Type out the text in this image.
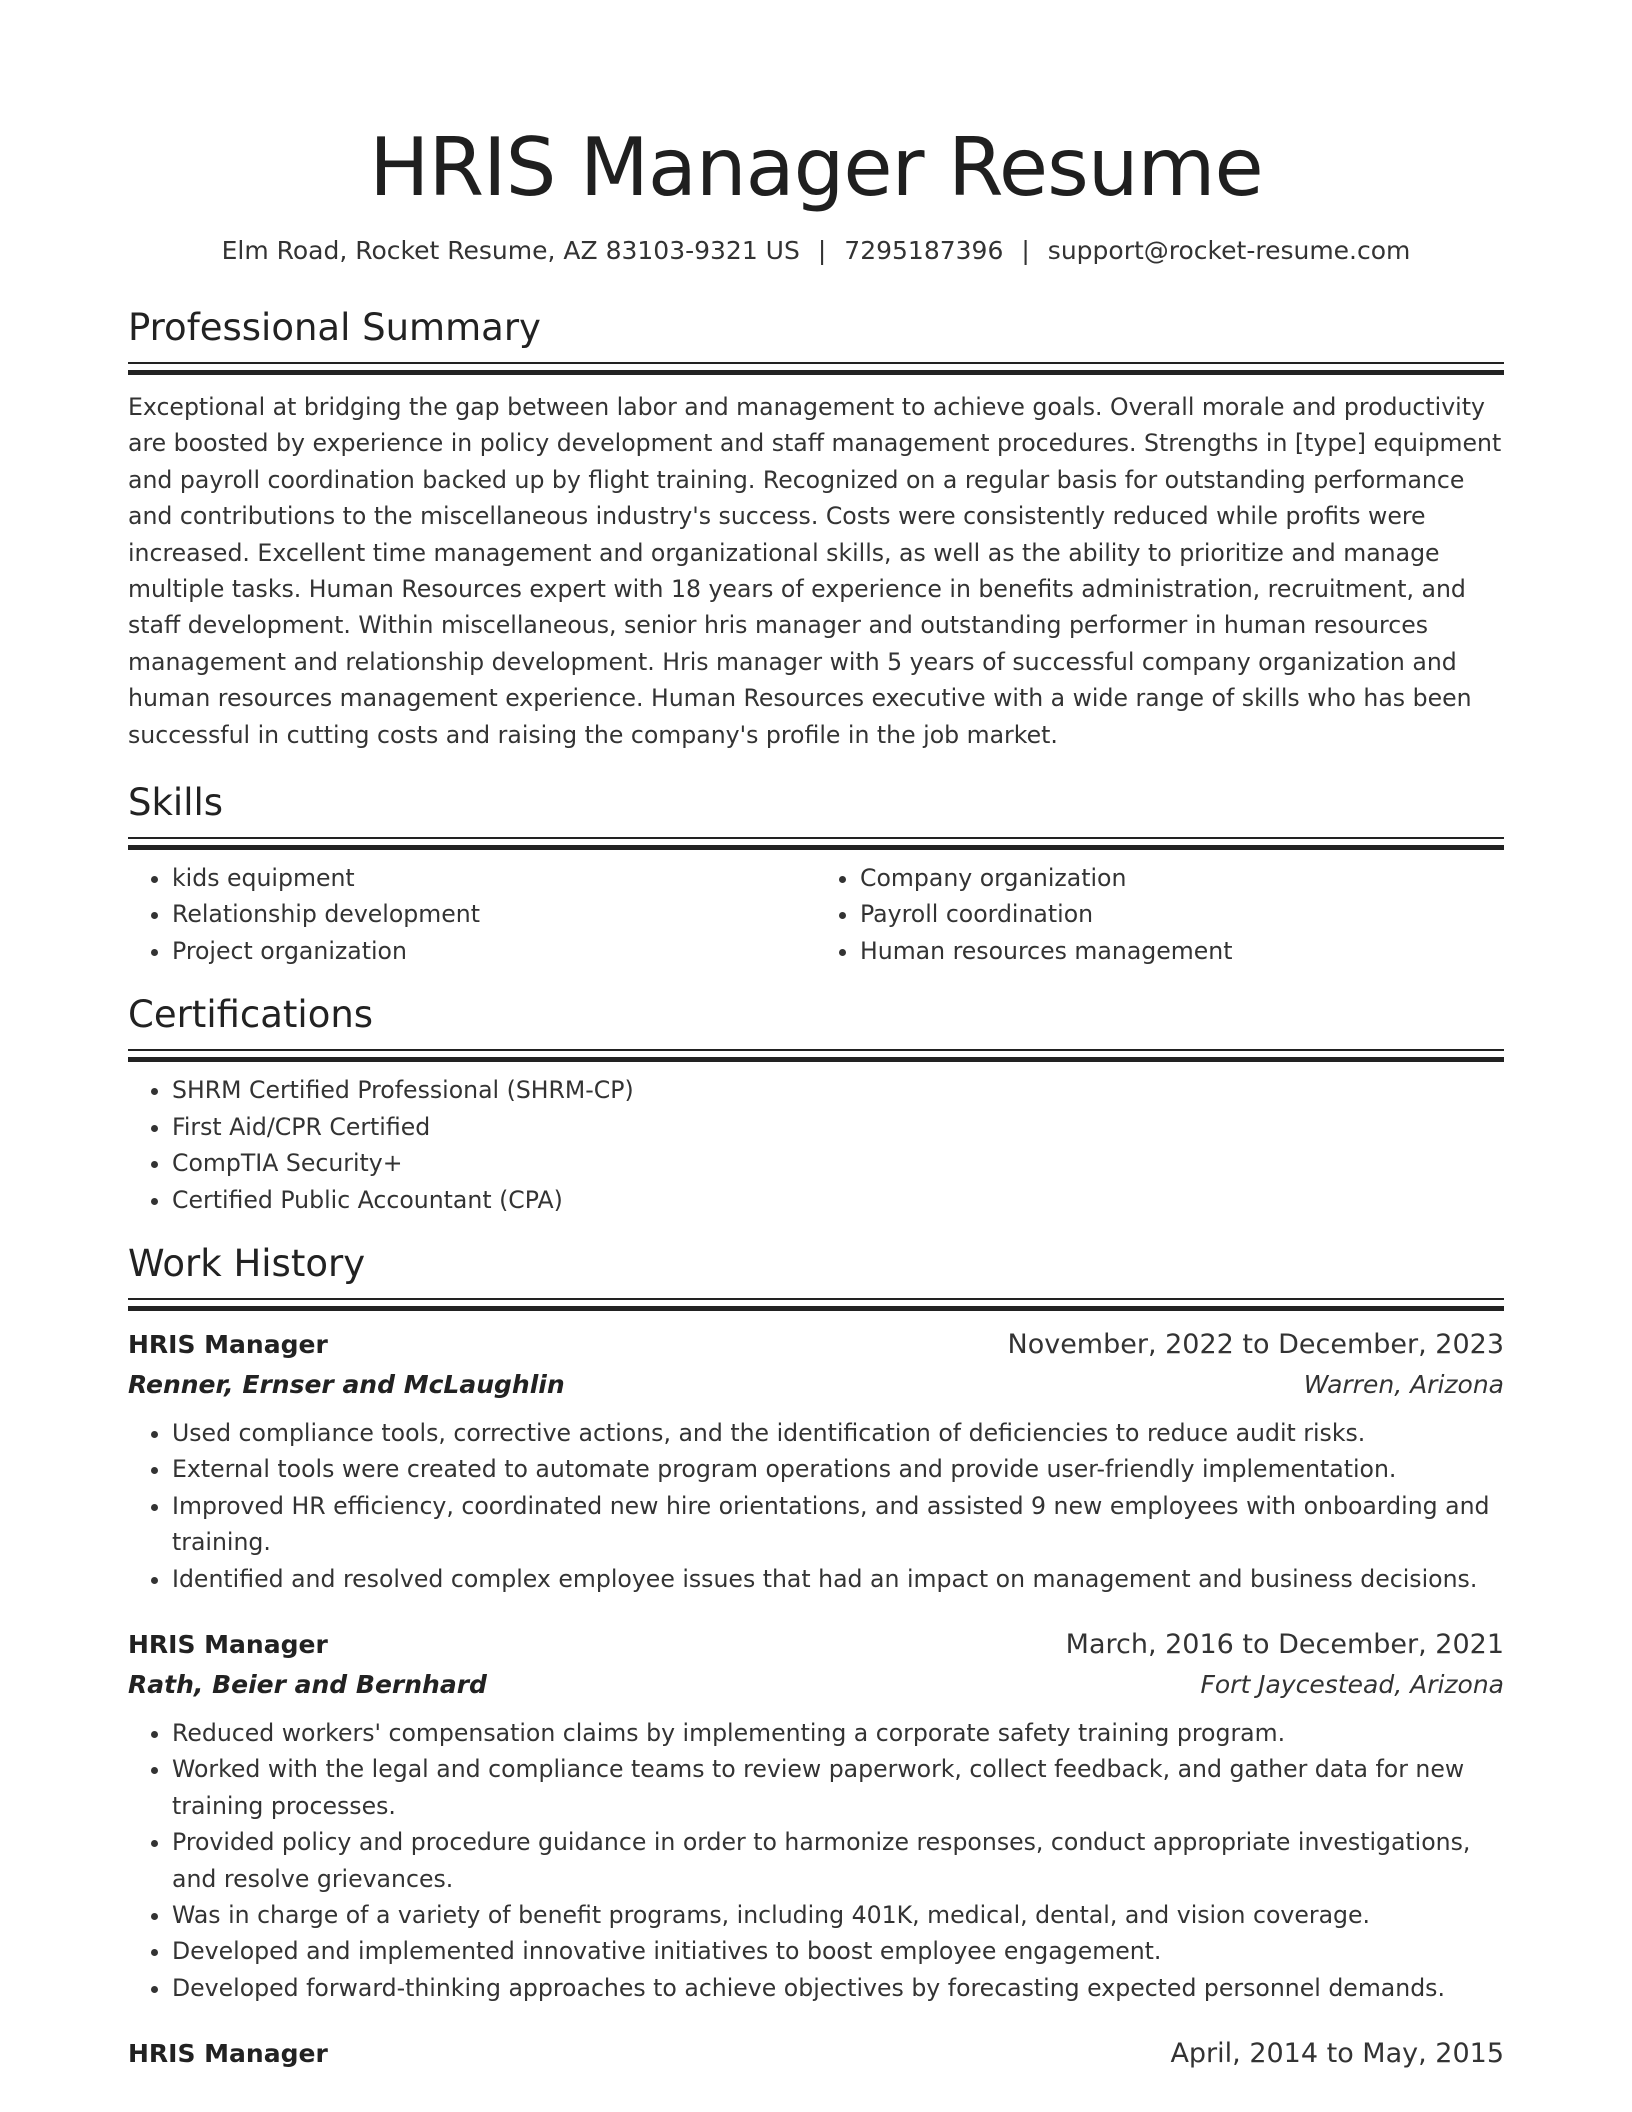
HRIS Manager Resume
Elm Road, Rocket Resume, AZ 83103-9321 US | 7295187396 | support@rocket-resume.com
Professional Summary

Exceptional at bridging the gap between labor and management to achieve goals. Overall morale and productivity are boosted by experience in policy development and staff management procedures. Strengths in [type] equipment and payroll coordination backed up by flight training. Recognized on a regular basis for outstanding performance and contributions to the miscellaneous industry's success. Costs were consistently reduced while profits were increased. Excellent time management and organizational skills, as well as the ability to prioritize and manage multiple tasks. Human Resources expert with 18 years of experience in benefits administration, recruitment, and staff development. Within miscellaneous, senior hris manager and outstanding performer in human resources management and relationship development. Hris manager with 5 years of successful company organization and human resources management experience. Human Resources executive with a wide range of skills who has been successful in cutting costs and raising the company's profile in the job market.

Skills
• kids equipment
• Relationship development
• Project organization
• Company organization
• Payroll coordination
• Human resources management
Certifications
• SHRM Certified Professional (SHRM-CP)
• First Aid/CPR Certified
• CompTIA Security+
• Certified Public Accountant (CPA)
Work History
HRIS Manager	November, 2022 to December, 2023
Renner, Ernser and McLaughlin	Warren, Arizona
• Used compliance tools, corrective actions, and the identification of deficiencies to reduce audit risks.
• External tools were created to automate program operations and provide user-friendly implementation.
• Improved HR efficiency, coordinated new hire orientations, and assisted 9 new employees with onboarding and training.
• Identified and resolved complex employee issues that had an impact on management and business decisions.
HRIS Manager	March, 2016 to December, 2021
Rath, Beier and Bernhard	Fort Jaycestead, Arizona
• Reduced workers' compensation claims by implementing a corporate safety training program.
• Worked with the legal and compliance teams to review paperwork, collect feedback, and gather data for new training processes.
• Provided policy and procedure guidance in order to harmonize responses, conduct appropriate investigations, and resolve grievances.
• Was in charge of a variety of benefit programs, including 401K, medical, dental, and vision coverage.
• Developed and implemented innovative initiatives to boost employee engagement.
• Developed forward-thinking approaches to achieve objectives by forecasting expected personnel demands.
HRIS Manager	April, 2014 to May, 2015
